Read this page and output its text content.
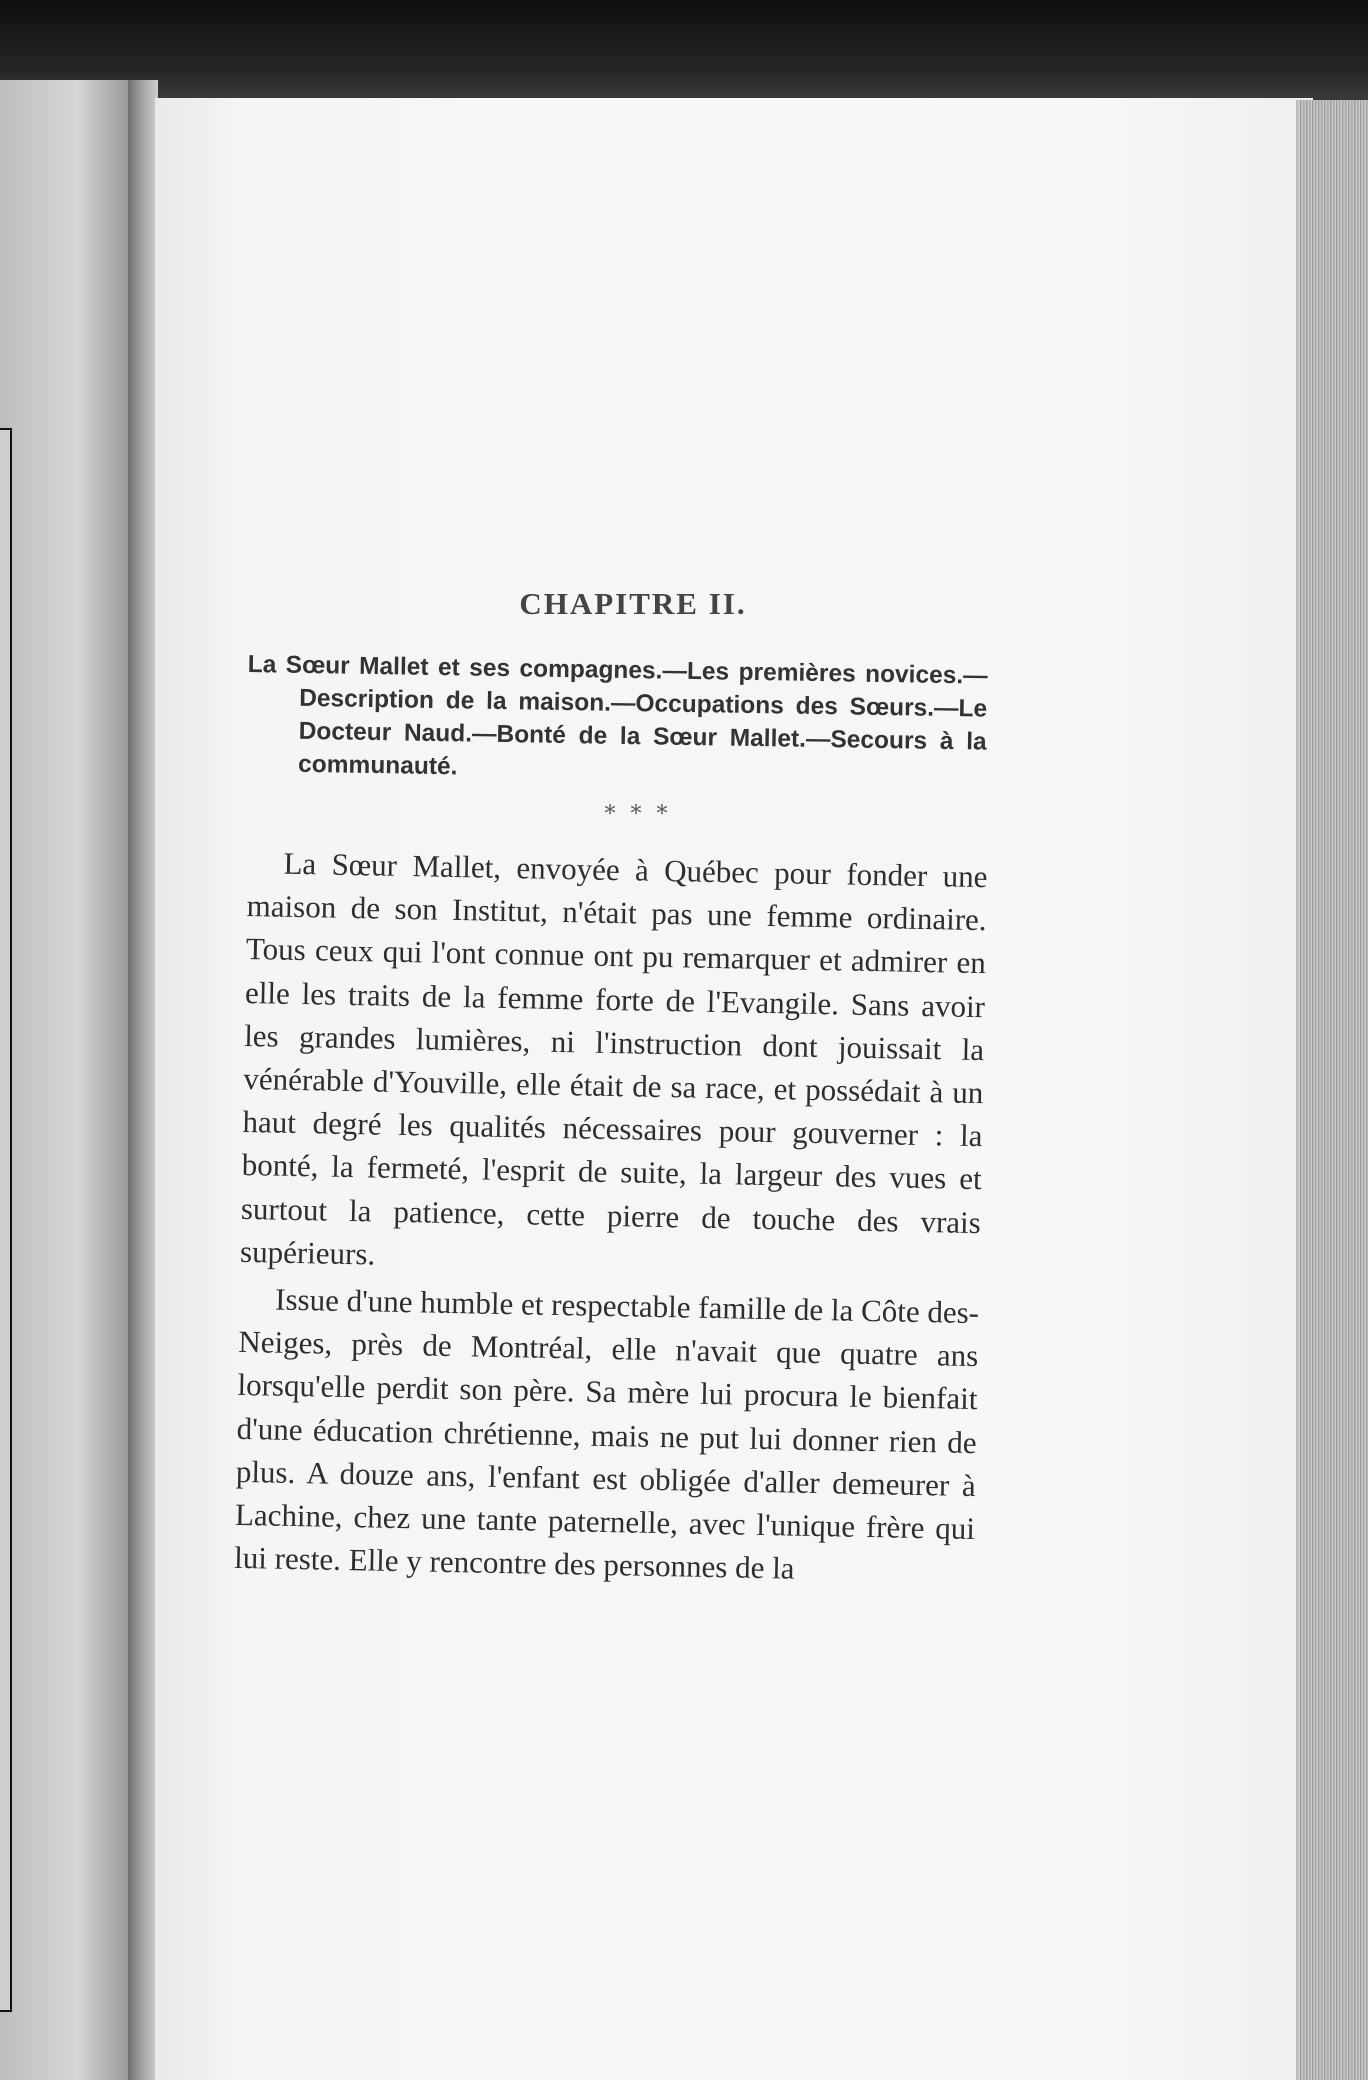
CHAPITRE II.
La Sœur Mallet et ses compagnes.—Les premières novices.—Description de la maison.—Occupations des Sœurs.—Le Docteur Naud.—Bonté de la Sœur Mallet.—Secours à la communauté.
* * *

La Sœur Mallet, envoyée à Québec pour fonder une maison de son Institut, n'était pas une femme ordinaire. Tous ceux qui l'ont connue ont pu remarquer et admirer en elle les traits de la femme forte de l'Evangile. Sans avoir les grandes lumières, ni l'instruction dont jouissait la vénérable d'Youville, elle était de sa race, et possédait à un haut degré les qualités nécessaires pour gouverner : la bonté, la fermeté, l'esprit de suite, la largeur des vues et surtout la patience, cette pierre de touche des vrais supérieurs.

Issue d'une humble et respectable famille de la Côte des-Neiges, près de Montréal, elle n'avait que quatre ans lorsqu'elle perdit son père. Sa mère lui procura le bienfait d'une éducation chrétienne, mais ne put lui donner rien de plus. A douze ans, l'enfant est obligée d'aller demeurer à Lachine, chez une tante paternelle, avec l'unique frère qui lui reste. Elle y rencontre des personnes de la
